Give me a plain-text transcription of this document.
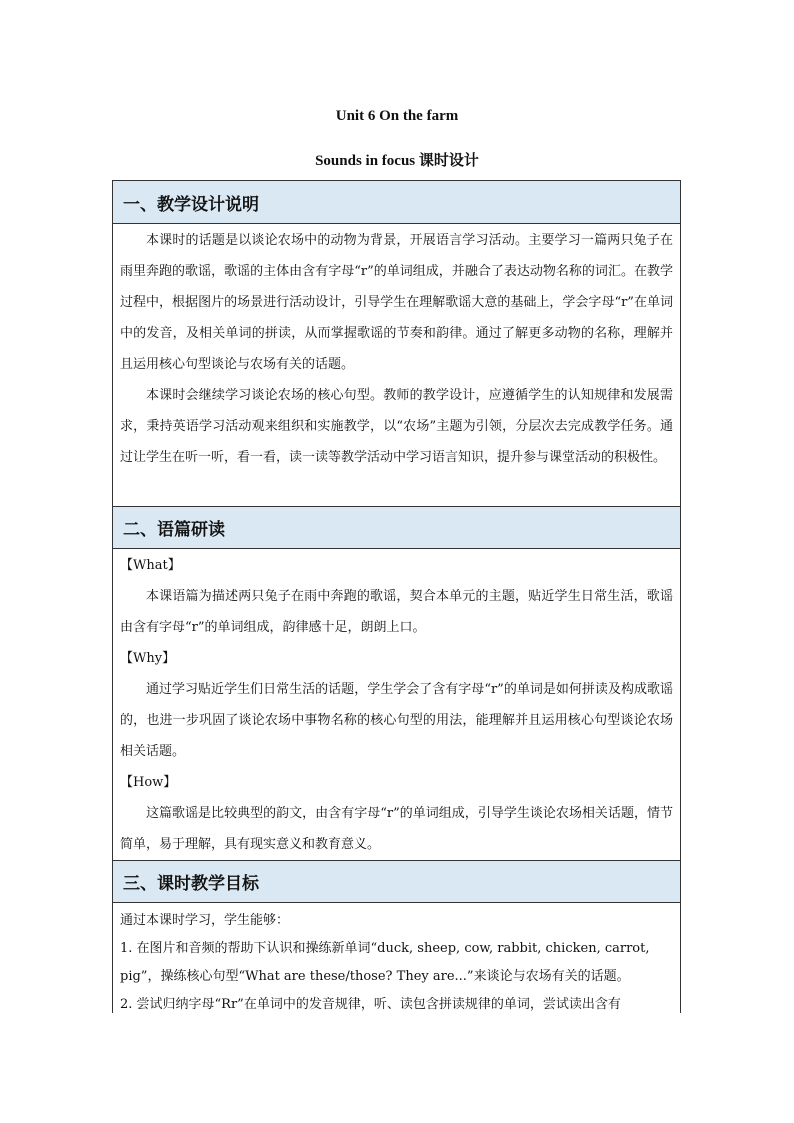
Unit 6 On the farm
Sounds in focus 课时设计
一、教学设计说明

本课时的话题是以谈论农场中的动物为背景，开展语言学习活动。主要学习一篇两只兔子在雨里奔跑的歌谣，歌谣的主体由含有字母“r”的单词组成，并融合了表达动物名称的词汇。在教学过程中，根据图片的场景进行活动设计，引导学生在理解歌谣大意的基础上，学会字母“r”在单词中的发音，及相关单词的拼读，从而掌握歌谣的节奏和韵律。通过了解更多动物的名称，理解并且运用核心句型谈论与农场有关的话题。

本课时会继续学习谈论农场的核心句型。教师的教学设计，应遵循学生的认知规律和发展需求，秉持英语学习活动观来组织和实施教学，以“农场”主题为引领，分层次去完成教学任务。通过让学生在听一听，看一看，读一读等教学活动中学习语言知识，提升参与课堂活动的积极性。

二、语篇研读

【What】

本课语篇为描述两只兔子在雨中奔跑的歌谣，契合本单元的主题，贴近学生日常生活，歌谣由含有字母“r”的单词组成，韵律感十足，朗朗上口。

【Why】

通过学习贴近学生们日常生活的话题，学生学会了含有字母“r”的单词是如何拼读及构成歌谣的，也进一步巩固了谈论农场中事物名称的核心句型的用法，能理解并且运用核心句型谈论农场相关话题。

【How】

这篇歌谣是比较典型的韵文，由含有字母“r”的单词组成，引导学生谈论农场相关话题，情节简单，易于理解，具有现实意义和教育意义。

三、课时教学目标

通过本课时学习，学生能够：

1. 在图片和音频的帮助下认识和操练新单词“duck, sheep, cow, rabbit, chicken, carrot, pig”，操练核心句型“What are these/those? They are...”来谈论与农场有关的话题。

2. 尝试归纳字母“Rr”在单词中的发音规律，听、读包含拼读规律的单词，尝试读出含有
